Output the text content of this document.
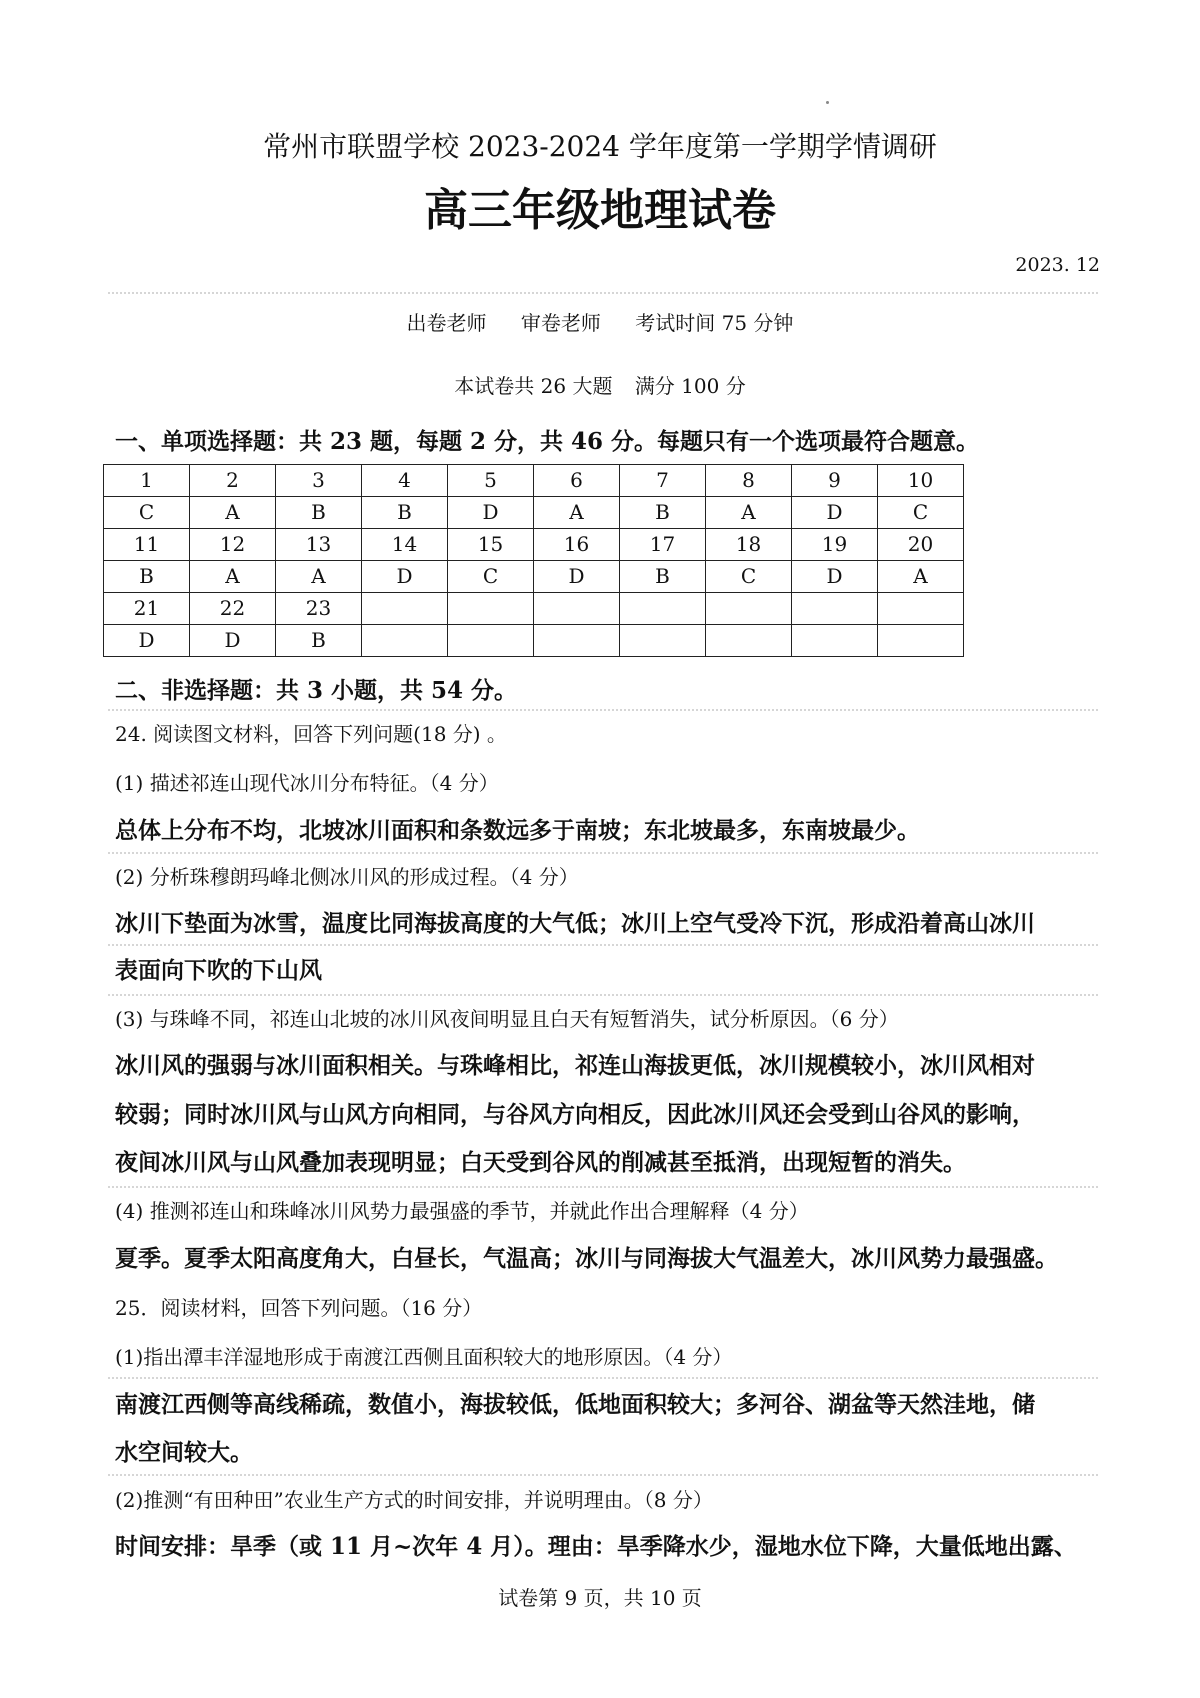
常州市联盟学校 2023-2024 学年度第一学期学情调研
高三年级地理试卷
2023. 12
出卷老师 审卷老师 考试时间 75 分钟
本试卷共 26 大题 满分 100 分
一、单项选择题：共 23 题，每题 2 分，共 46 分。每题只有一个选项最符合题意。
1	2	3	4	5	6	7	8	9	10
C	A	B	B	D	A	B	A	D	C
11	12	13	14	15	16	17	18	19	20
B	A	A	D	C	D	B	C	D	A
21	22	23							
D	D	B							
二、非选择题：共 3 小题，共 54 分。
24. 阅读图文材料，回答下列问题(18 分) 。
(1) 描述祁连山现代冰川分布特征。（4 分）
总体上分布不均，北坡冰川面积和条数远多于南坡；东北坡最多，东南坡最少。
(2) 分析珠穆朗玛峰北侧冰川风的形成过程。（4 分）
冰川下垫面为冰雪，温度比同海拔高度的大气低；冰川上空气受冷下沉，形成沿着高山冰川
表面向下吹的下山风
(3) 与珠峰不同，祁连山北坡的冰川风夜间明显且白天有短暂消失，试分析原因。（6 分）
冰川风的强弱与冰川面积相关。与珠峰相比，祁连山海拔更低，冰川规模较小，冰川风相对
较弱；同时冰川风与山风方向相同，与谷风方向相反，因此冰川风还会受到山谷风的影响，
夜间冰川风与山风叠加表现明显；白天受到谷风的削减甚至抵消，出现短暂的消失。
(4) 推测祁连山和珠峰冰川风势力最强盛的季节，并就此作出合理解释（4 分）
夏季。夏季太阳高度角大，白昼长，气温高；冰川与同海拔大气温差大，冰川风势力最强盛。
25．阅读材料，回答下列问题。（16 分）
(1)指出潭丰洋湿地形成于南渡江西侧且面积较大的地形原因。（4 分）
南渡江西侧等高线稀疏，数值小，海拔较低，低地面积较大；多河谷、湖盆等天然洼地，储
水空间较大。
(2)推测“有田种田”农业生产方式的时间安排，并说明理由。（8 分）
时间安排：旱季（或 11 月~次年 4 月）。理由：旱季降水少，湿地水位下降，大量低地出露、
试卷第 9 页，共 10 页
